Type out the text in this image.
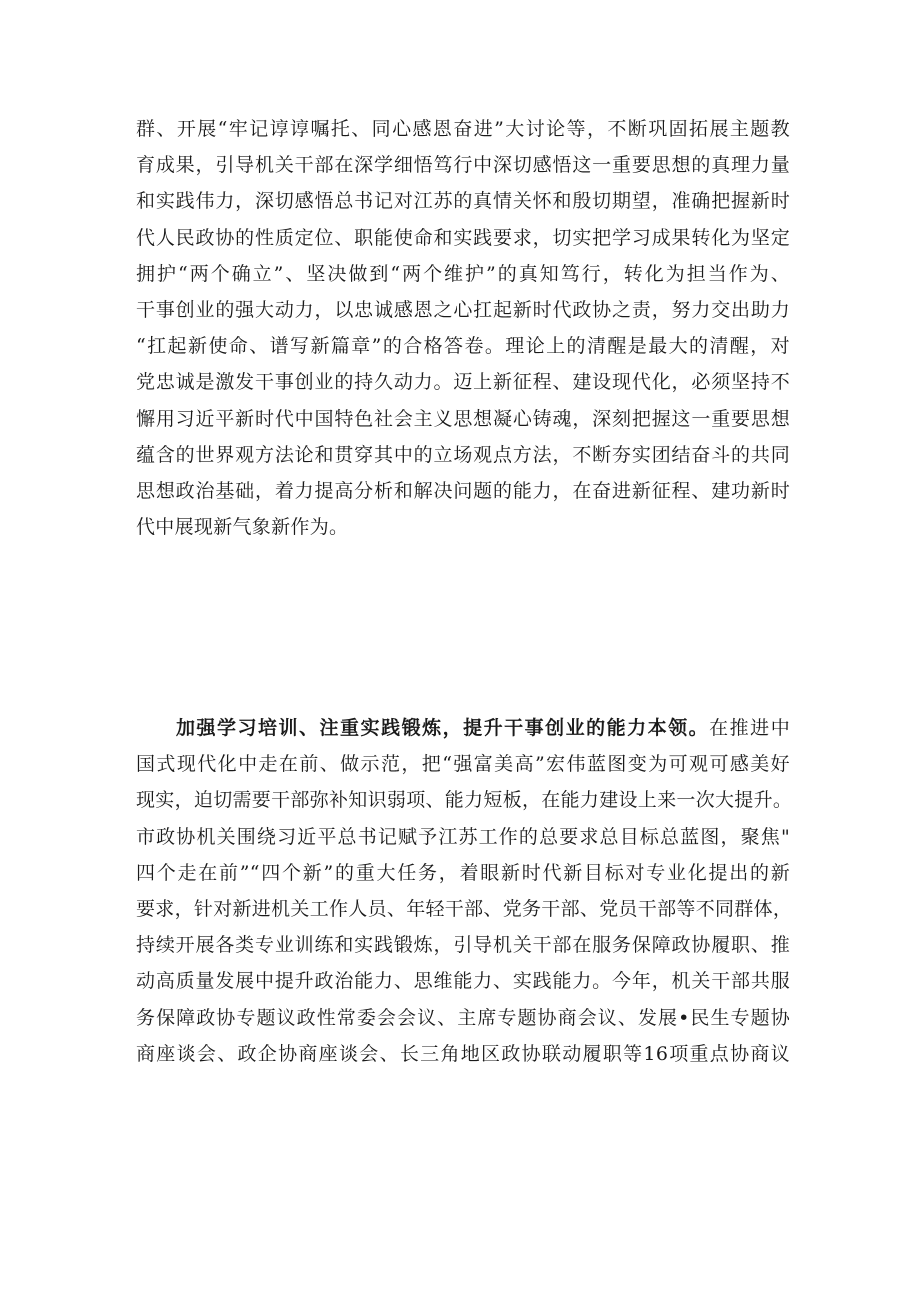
群、开展“牢记谆谆嘱托、同心感恩奋进”大讨论等，不断巩固拓展主题教
育成果，引导机关干部在深学细悟笃行中深切感悟这一重要思想的真理力量
和实践伟力，深切感悟总书记对江苏的真情关怀和殷切期望，准确把握新时
代人民政协的性质定位、职能使命和实践要求，切实把学习成果转化为坚定
拥护“两个确立”、坚决做到“两个维护”的真知笃行，转化为担当作为、
干事创业的强大动力，以忠诚感恩之心扛起新时代政协之责，努力交出助力
“扛起新使命、谱写新篇章”的合格答卷。理论上的清醒是最大的清醒，对
党忠诚是激发干事创业的持久动力。迈上新征程、建设现代化，必须坚持不
懈用习近平新时代中国特色社会主义思想凝心铸魂，深刻把握这一重要思想
蕴含的世界观方法论和贯穿其中的立场观点方法，不断夯实团结奋斗的共同
思想政治基础，着力提高分析和解决问题的能力，在奋进新征程、建功新时
代中展现新气象新作为。
加强学习培训、注重实践锻炼，提升干事创业的能力本领。在推进中
国式现代化中走在前、做示范，把“强富美高”宏伟蓝图变为可观可感美好
现实，迫切需要干部弥补知识弱项、能力短板，在能力建设上来一次大提升。
市政协机关围绕习近平总书记赋予江苏工作的总要求总目标总蓝图，聚焦"
四个走在前”“四个新”的重大任务，着眼新时代新目标对专业化提出的新
要求，针对新进机关工作人员、年轻干部、党务干部、党员干部等不同群体，
持续开展各类专业训练和实践锻炼，引导机关干部在服务保障政协履职、推
动高质量发展中提升政治能力、思维能力、实践能力。今年，机关干部共服
务保障政协专题议政性常委会会议、主席专题协商会议、发展•民生专题协
商座谈会、政企协商座谈会、长三角地区政协联动履职等16项重点协商议
